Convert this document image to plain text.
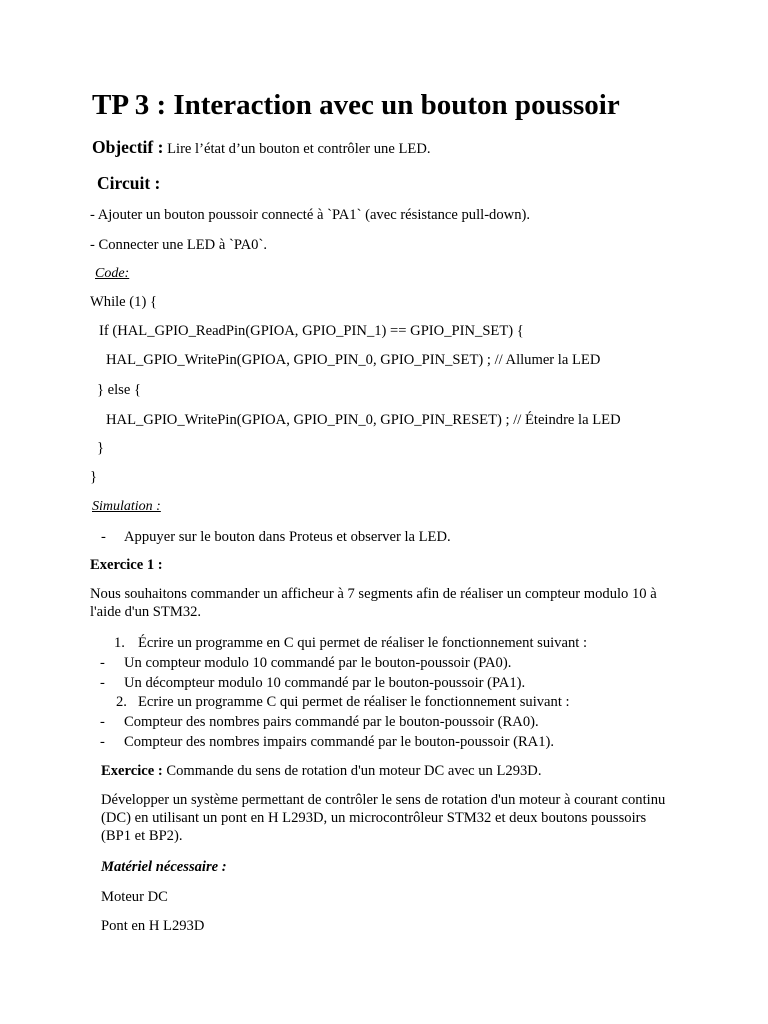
TP 3 : Interaction avec un bouton poussoir
Objectif : Lire l’état d’un bouton et contrôler une LED.
Circuit :
- Ajouter un bouton poussoir connecté à `PA1` (avec résistance pull-down).
- Connecter une LED à `PA0`.
Code:
While (1) {
If (HAL_GPIO_ReadPin(GPIOA, GPIO_PIN_1) == GPIO_PIN_SET) {
HAL_GPIO_WritePin(GPIOA, GPIO_PIN_0, GPIO_PIN_SET) ; // Allumer la LED
} else {
HAL_GPIO_WritePin(GPIOA, GPIO_PIN_0, GPIO_PIN_RESET) ; // Éteindre la LED
}
}
Simulation :
- Appuyer sur le bouton dans Proteus et observer la LED.
Exercice 1 :
Nous souhaitons commander un afficheur à 7 segments afin de réaliser un compteur modulo 10 à l'aide d'un STM32.
1. Écrire un programme en C qui permet de réaliser le fonctionnement suivant :
- Un compteur modulo 10 commandé par le bouton-poussoir (PA0).
- Un décompteur modulo 10 commandé par le bouton-poussoir (PA1).
2. Ecrire un programme C qui permet de réaliser le fonctionnement suivant :
- Compteur des nombres pairs commandé par le bouton-poussoir (RA0).
- Compteur des nombres impairs commandé par le bouton-poussoir (RA1).
Exercice : Commande du sens de rotation d'un moteur DC avec un L293D.
Développer un système permettant de contrôler le sens de rotation d'un moteur à courant continu (DC) en utilisant un pont en H L293D, un microcontrôleur STM32 et deux boutons poussoirs (BP1 et BP2).
Matériel nécessaire :
Moteur DC
Pont en H L293D
